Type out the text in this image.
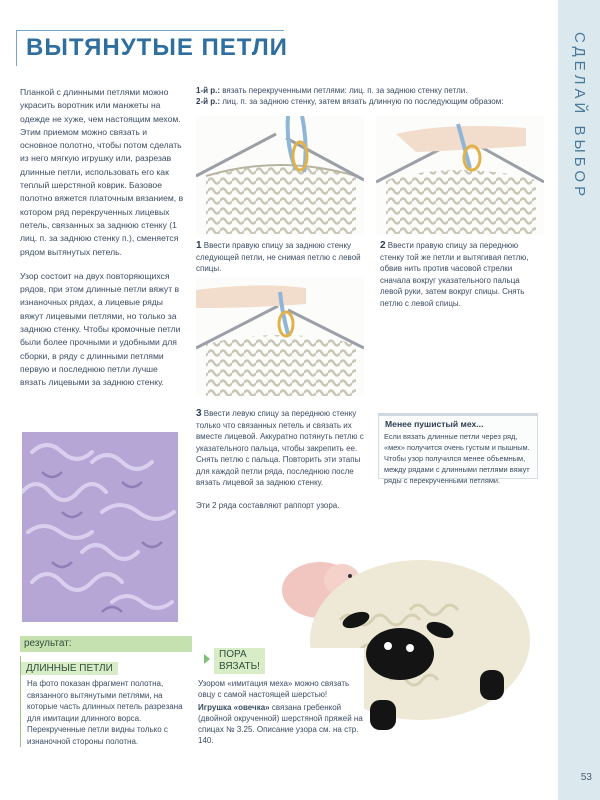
ВЫТЯНУТЫЕ ПЕТЛИ	СДЕЛАЙ ВЫБОР

Планкой с длинными петлями можно украсить воротник или манжеты на одежде не хуже, чем настоящим мехом. Этим приемом можно связать и основное полотно, чтобы потом сделать из него мягкую игрушку или, разрезав длинные петли, использовать его как теплый шерстяной коврик. Базовое полотно вяжется платочным вязанием, в котором ряд перекрученных лицевых петель, связанных за заднюю стенку (1 лиц. п. за заднюю стенку п.), сменяется рядом вытянутых петель.

Узор состоит на двух повторяющихся рядов, при этом длинные петли вяжут в изнаночных рядах, а лицевые ряды вяжут лицевыми петлями, но только за заднюю стенку. Чтобы кромочные петли были более прочными и удобными для сборки, в ряду с длинными петлями первую и последнюю петли лучше вязать лицевыми за заднюю стенку.

1-й р.: вязать перекрученными петлями: лиц. п. за заднюю стенку петли.
2-й р.: лиц. п. за заднюю стенку, затем вязать длинную по последующим образом:
1 Ввести правую спицу за заднюю стенку следующей петли, не снимая петлю с левой спицы.
2 Ввести правую спицу за переднюю стенку той же петли и вытягивая петлю, обвив нить против часовой стрелки сначала вокруг указательного пальца левой руки, затем вокруг спицы. Снять петлю с левой спицы.
3 Ввести левую спицу за переднюю стенку только что связанных петель и связать их вместе лицевой. Аккуратно потянуть петлю с указательного пальца, чтобы закрепить ее. Снять петлю с пальца. Повторить эти этапы для каждой петли ряда, последнюю после вязать лицевой за заднюю стенку.
Эти 2 ряда составляют раппорт узора.
Менее пушистый мех...
Если вязать длинные петли через ряд, «мех» получится очень густым и пышным. Чтобы узор получился менее объемным, между рядами с длинными петлями вяжут ряды с перекрученными петлями.
результат:
ДЛИННЫЕ ПЕТЛИ
На фото показан фрагмент полотна, связанного вытянутыми петлями, на которые часть длинных петель разрезана для имитации длинного ворса. Перекрученные петли видны только с изнаночной стороны полотна.
ПОРА
ВЯЗАТЬ!
Узором «имитация меха» можно связать овцу с самой настоящей шерстью!
Игрушка «овечка» связана гребенкой (двойной окрученной) шерстяной пряжей на спицах № 3.25. Описание узора см. на стр. 140.
53
